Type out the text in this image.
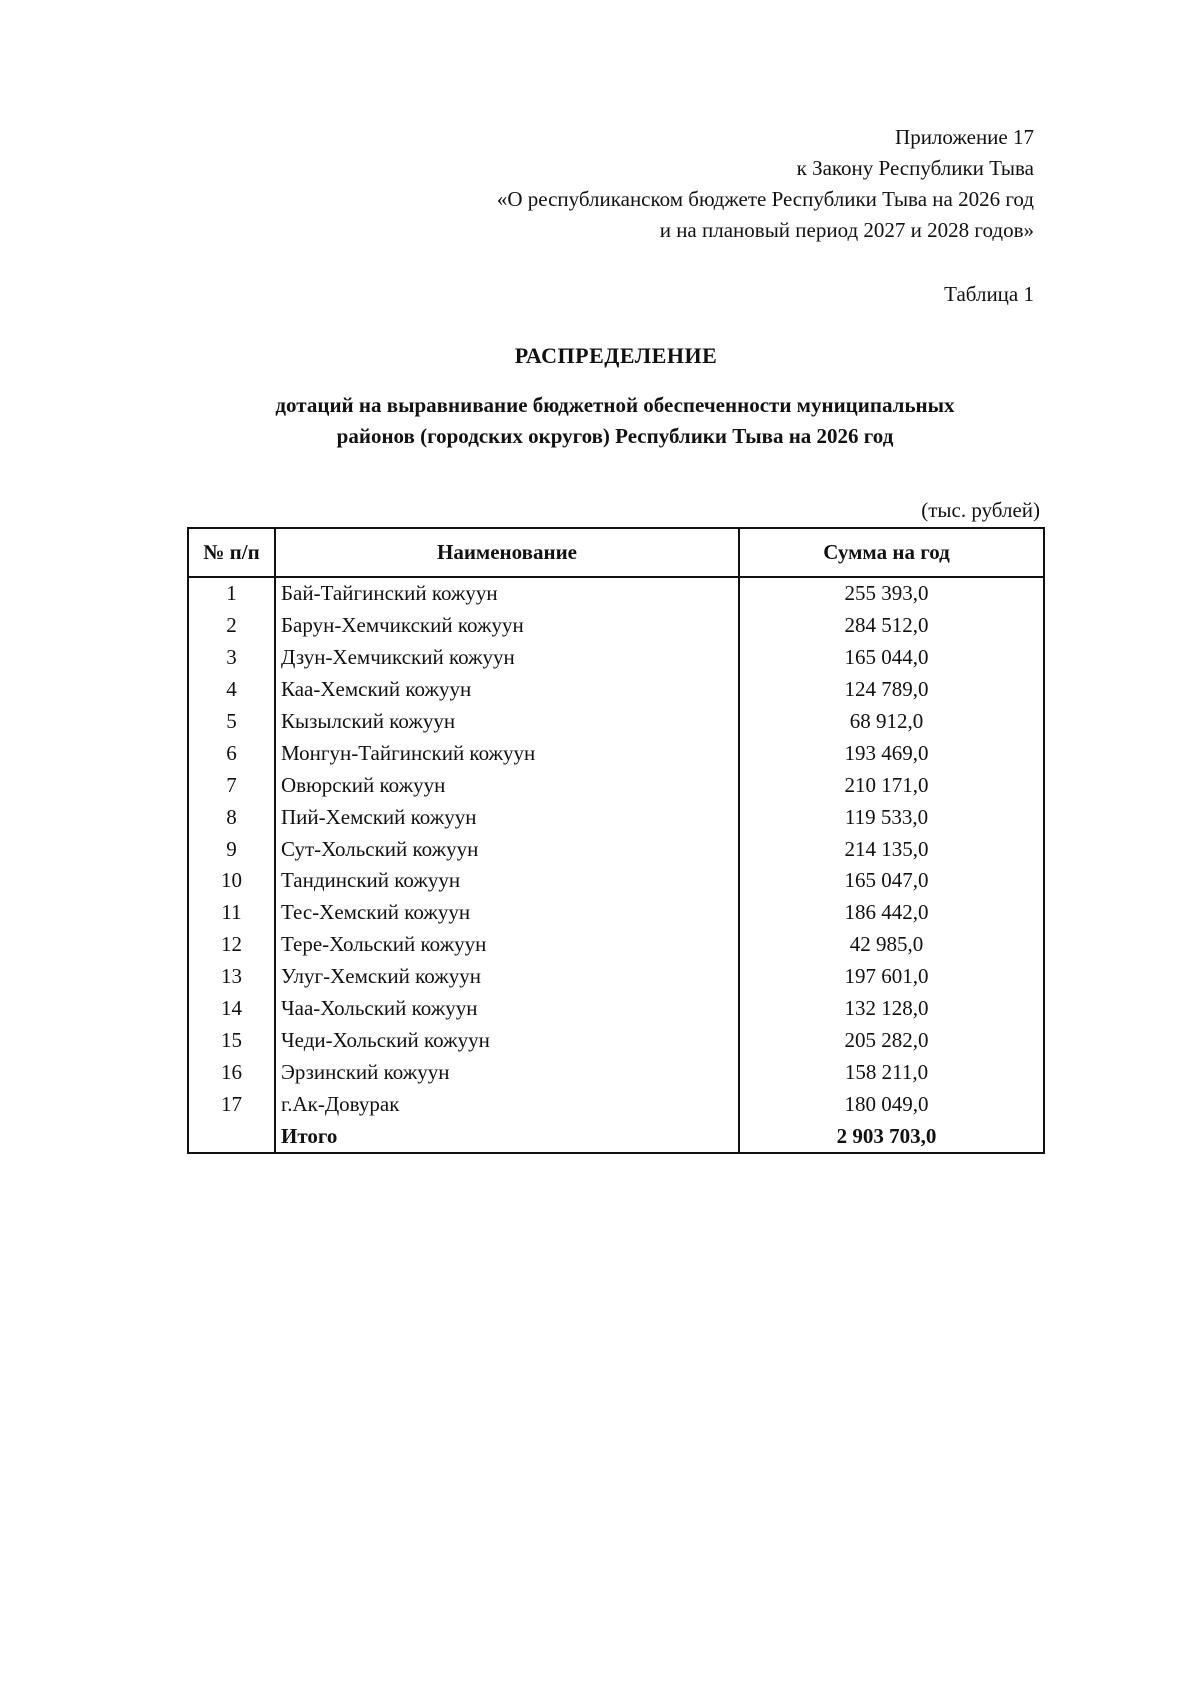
Приложение 17
к Закону Республики Тыва
«О республиканском бюджете Республики Тыва на 2026 год
и на плановый период 2027 и 2028 годов»
Таблица 1
РАСПРЕДЕЛЕНИЕ
дотаций на выравнивание бюджетной обеспеченности муниципальных
районов (городских округов) Республики Тыва на 2026 год
(тыс. рублей)
№ п/п	Наименование	Сумма на год
1	Бай-Тайгинский кожуун	255 393,0
2	Барун-Хемчикский кожуун	284 512,0
3	Дзун-Хемчикский кожуун	165 044,0
4	Каа-Хемский кожуун	124 789,0
5	Кызылский кожуун	68 912,0
6	Монгун-Тайгинский кожуун	193 469,0
7	Овюрский кожуун	210 171,0
8	Пий-Хемский кожуун	119 533,0
9	Сут-Хольский кожуун	214 135,0
10	Тандинский кожуун	165 047,0
11	Тес-Хемский кожуун	186 442,0
12	Тере-Хольский кожуун	42 985,0
13	Улуг-Хемский кожуун	197 601,0
14	Чаа-Хольский кожуун	132 128,0
15	Чеди-Хольский кожуун	205 282,0
16	Эрзинский кожуун	158 211,0
17	г.Ак-Довурак	180 049,0
	Итого	2 903 703,0
